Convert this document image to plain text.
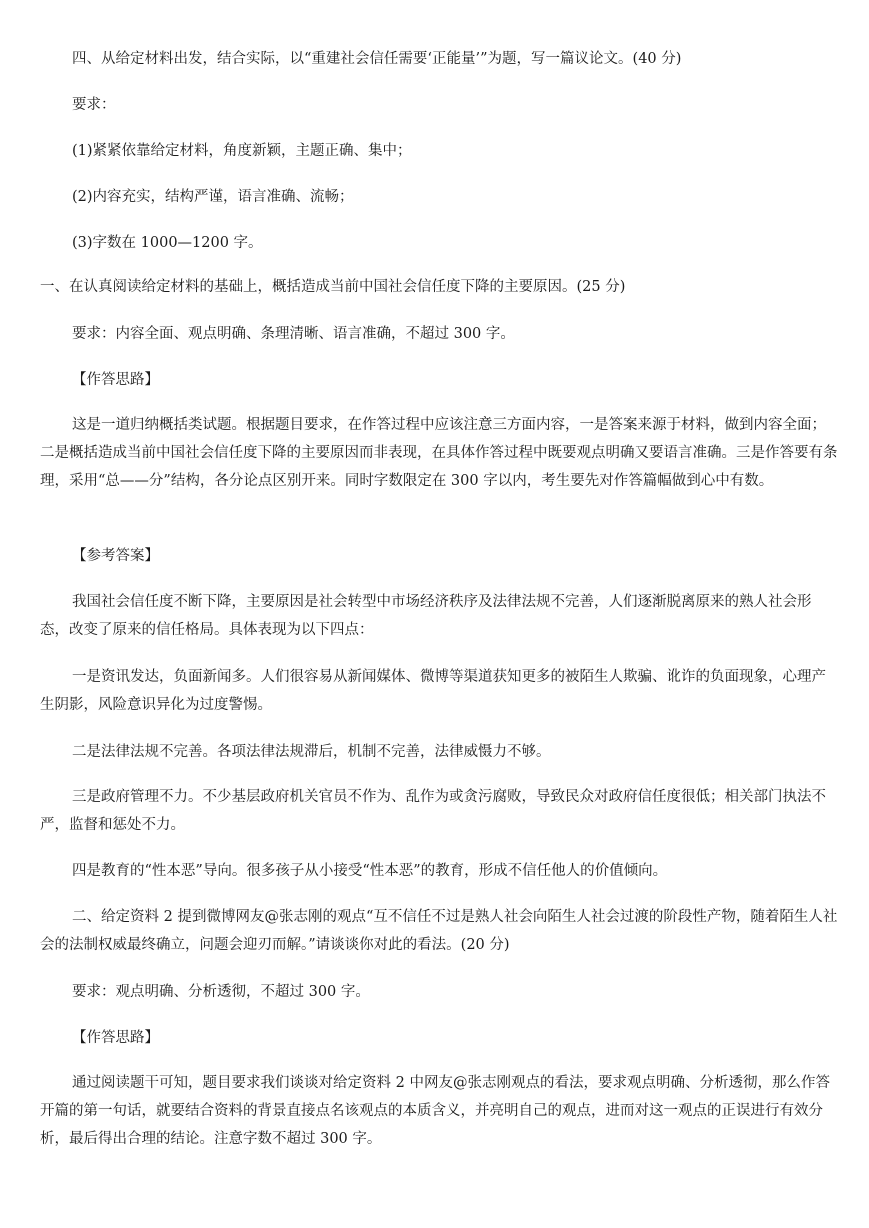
四、从给定材料出发，结合实际，以“重建社会信任需要‘正能量’”为题，写一篇议论文。(40 分)

要求：

(1)紧紧依靠给定材料，角度新颖，主题正确、集中；

(2)内容充实，结构严谨，语言准确、流畅；

(3)字数在 1000—1200 字。

一、在认真阅读给定材料的基础上，概括造成当前中国社会信任度下降的主要原因。(25 分)

要求：内容全面、观点明确、条理清晰、语言准确，不超过 300 字。

【作答思路】

这是一道归纳概括类试题。根据题目要求，在作答过程中应该注意三方面内容，一是答案来源于材料，做到内容全面；二是概括造成当前中国社会信任度下降的主要原因而非表现，在具体作答过程中既要观点明确又要语言准确。三是作答要有条理，采用“总——分”结构，各分论点区别开来。同时字数限定在 300 字以内，考生要先对作答篇幅做到心中有数。

【参考答案】

我国社会信任度不断下降，主要原因是社会转型中市场经济秩序及法律法规不完善，人们逐渐脱离原来的熟人社会形态，改变了原来的信任格局。具体表现为以下四点：

一是资讯发达，负面新闻多。人们很容易从新闻媒体、微博等渠道获知更多的被陌生人欺骗、讹诈的负面现象，心理产生阴影，风险意识异化为过度警惕。

二是法律法规不完善。各项法律法规滞后，机制不完善，法律威慑力不够。

三是政府管理不力。不少基层政府机关官员不作为、乱作为或贪污腐败，导致民众对政府信任度很低；相关部门执法不严，监督和惩处不力。

四是教育的“性本恶”导向。很多孩子从小接受“性本恶”的教育，形成不信任他人的价值倾向。

二、给定资料 2 提到微博网友@张志刚的观点“互不信任不过是熟人社会向陌生人社会过渡的阶段性产物，随着陌生人社会的法制权威最终确立，问题会迎刃而解。”请谈谈你对此的看法。(20 分)

要求：观点明确、分析透彻，不超过 300 字。

【作答思路】

通过阅读题干可知，题目要求我们谈谈对给定资料 2 中网友@张志刚观点的看法，要求观点明确、分析透彻，那么作答开篇的第一句话，就要结合资料的背景直接点名该观点的本质含义，并亮明自己的观点，进而对这一观点的正误进行有效分析，最后得出合理的结论。注意字数不超过 300 字。
